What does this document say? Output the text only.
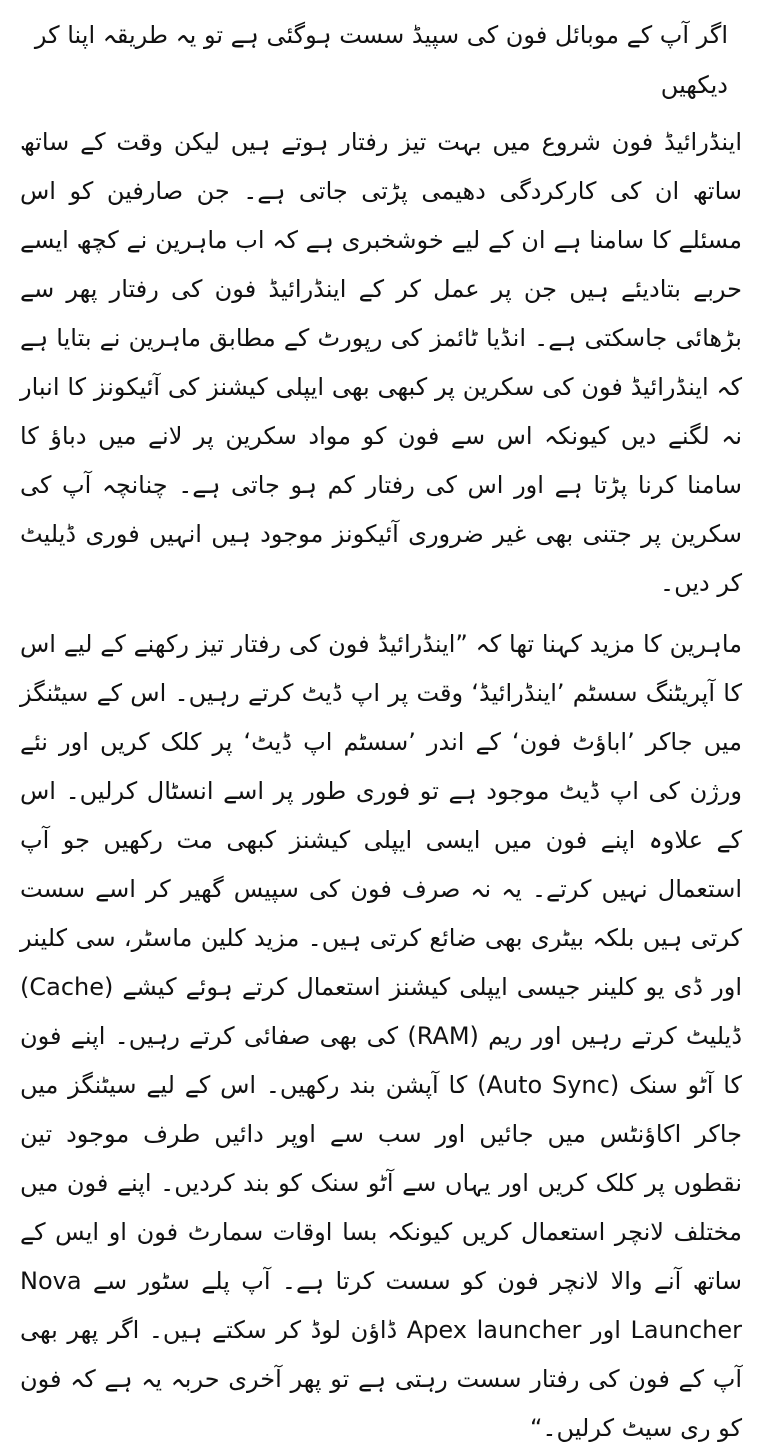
اگر آپ کے موبائل فون کی سپیڈ سست ہوگئی ہے تو یہ طریقہ اپنا کر دیکھیں

اینڈرائیڈ فون شروع میں بہت تیز رفتار ہوتے ہیں لیکن وقت کے ساتھ ساتھ ان کی کارکردگی دھیمی پڑتی جاتی ہے۔ جن صارفین کو اس مسئلے کا سامنا ہے ان کے لیے خوشخبری ہے کہ اب ماہرین نے کچھ ایسے حربے بتادیئے ہیں جن پر عمل کر کے اینڈرائیڈ فون کی رفتار پھر سے بڑھائی جاسکتی ہے۔ انڈیا ٹائمز کی رپورٹ کے مطابق ماہرین نے بتایا ہے کہ اینڈرائیڈ فون کی سکرین پر کبھی بھی ایپلی کیشنز کی آئیکونز کا انبار نہ لگنے دیں کیونکہ اس سے فون کو مواد سکرین پر لانے میں دباؤ کا سامنا کرنا پڑتا ہے اور اس کی رفتار کم ہو جاتی ہے۔ چنانچہ آپ کی سکرین پر جتنی بھی غیر ضروری آئیکونز موجود ہیں انہیں فوری ڈیلیٹ کر دیں۔

ماہرین کا مزید کہنا تھا کہ ”اینڈرائیڈ فون کی رفتار تیز رکھنے کے لیے اس کا آپریٹنگ سسٹم ’اینڈرائیڈ‘ وقت پر اپ ڈیٹ کرتے رہیں۔ اس کے سیٹنگز میں جاکر ’اباؤٹ فون‘ کے اندر ’سسٹم اپ ڈیٹ‘ پر کلک کریں اور نئے ورژن کی اپ ڈیٹ موجود ہے تو فوری طور پر اسے انسٹال کرلیں۔ اس کے علاوہ اپنے فون میں ایسی ایپلی کیشنز کبھی مت رکھیں جو آپ استعمال نہیں کرتے۔ یہ نہ صرف فون کی سپیس گھیر کر اسے سست کرتی ہیں بلکہ بیٹری بھی ضائع کرتی ہیں۔ مزید کلین ماسٹر، سی کلینر اور ڈی یو کلینر جیسی ایپلی کیشنز استعمال کرتے ہوئے کیشے (Cache) ڈیلیٹ کرتے رہیں اور ریم (RAM) کی بھی صفائی کرتے رہیں۔ اپنے فون کا آٹو سنک (Auto Sync) کا آپشن بند رکھیں۔ اس کے لیے سیٹنگز میں جاکر اکاؤنٹس میں جائیں اور سب سے اوپر دائیں طرف موجود تین نقطوں پر کلک کریں اور یہاں سے آٹو سنک کو بند کردیں۔ اپنے فون میں مختلف لانچر استعمال کریں کیونکہ بسا اوقات سمارٹ فون او ایس کے ساتھ آنے والا لانچر فون کو سست کرتا ہے۔ آپ پلے سٹور سے Nova Launcher اور Apex launcher ڈاؤن لوڈ کر سکتے ہیں۔ اگر پھر بھی آپ کے فون کی رفتار سست رہتی ہے تو پھر آخری حربہ یہ ہے کہ فون کو ری سیٹ کرلیں۔“
